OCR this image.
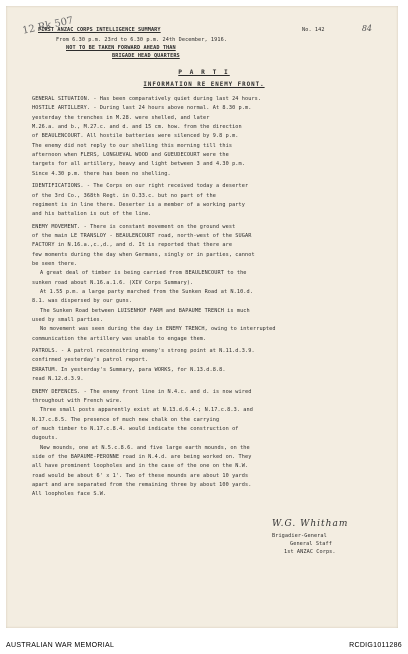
12 Rk 507	84
FIRST ANZAC CORPS INTELLIGENCE SUMMARY	No. 142
From 6.30 p.m. 23rd to 6.30 p.m. 24th December, 1916.
NOT TO BE TAKEN FORWARD AHEAD THAN
BRIGADE HEAD QUARTERS
P A R T I
INFORMATION RE ENEMY FRONT.
GENERAL SITUATION. - Has been comparatively quiet during last 24 hours.
HOSTILE ARTILLERY. - During last 24 hours above normal. At 8.30 p.m.
yesterday the trenches in M.28. were shelled, and later
M.26.a. and b., M.27.c. and d. and 15 cm. how. from the direction
of BEAULENCOURT. All hostile batteries were silenced by 9.8 p.m.
The enemy did not reply to our shelling this morning till this
afternoon when FLERS, LONGUEVAL WOOD and GUEUDECOURT were the
targets for all artillery, heavy and light between 3 and 4.30 p.m.
Since 4.30 p.m. there has been no shelling.
IDENTIFICATIONS. - The Corps on our right received today a deserter
of the 3rd Co., 368th Regt. in O.33.c. but no part of the
regiment is in line there. Deserter is a member of a working party
and his battalion is out of the line.
ENEMY MOVEMENT. - There is constant movement on the ground west
of the main LE TRANSLOY - BEAULENCOURT road, north-west of the SUGAR
FACTORY in N.16.a.,c.,d., and d. It is reported that there are
few moments during the day when Germans, singly or in parties, cannot
be seen there.
A great deal of timber is being carried from BEAULENCOURT to the
sunken road about N.16.a.1.6. (XIV Corps Summary).
At 1.55 p.m. a large party marched from the Sunken Road at N.10.d.
8.1. was dispersed by our guns.
The Sunken Road between LUISENHOF FARM and BAPAUME TRENCH is much
used by small parties.
No movement was seen during the day in ENEMY TRENCH, owing to interrupted
communication the artillery was unable to engage them.
PATROLS. - A patrol reconnoitring enemy's strong point at N.11.d.3.9.
confirmed yesterday's patrol report.
ERRATUM. In yesterday's Summary, para WORKS, for N.13.d.8.8.
read N.12.d.3.9.
ENEMY DEFENCES. - The enemy front line in N.4.c. and d. is now wired
throughout with French wire.
Three small posts apparently exist at N.13.d.6.4.; N.17.c.8.3. and
N.17.c.8.5. The presence of much new chalk on the carrying
of much timber to N.17.c.8.4. would indicate the construction of
dugouts.
New mounds, one at N.5.c.8.6. and five large earth mounds, on the
side of the BAPAUME-PERONNE road in N.4.d. are being worked on. They
all have prominent loopholes and in the case of the one on the N.W.
road would be about 6' x 1'. Two of these mounds are about 10 yards
apart and are separated from the remaining three by about 100 yards.
All loopholes face S.W.
W.G. Whitham
Brigadier-General
General Staff
1st ANZAC Corps.
AUSTRALIAN WAR MEMORIAL	RCDIG1011286
